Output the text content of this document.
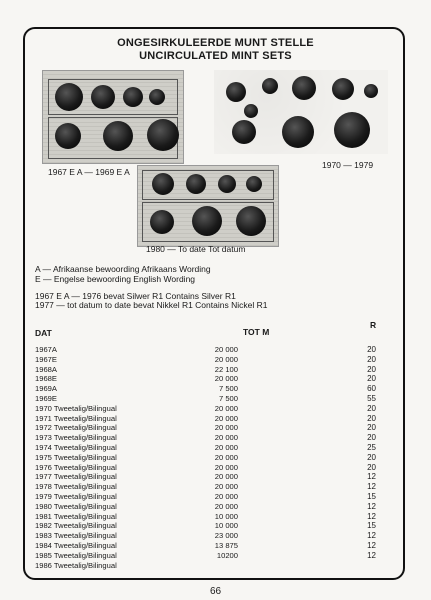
ONGESIRKULEERDE MUNT STELLE
UNCIRCULATED MINT SETS
1967 E A — 1969 E A
1970 — 1979
1980 — To date Tot datum
A — Afrikaanse bewoording Afrikaans Wording
E — Engelse bewoording English Wording
1967 E A — 1976 bevat Silwer R1 Contains Silver R1
1977 — tot datum to date bevat Nikkel R1 Contains Nickel R1
DAT	TOT M
R
1967A	20 000	20
1967E	20 000	20
1968A	22 100	20
1968E	20 000	20
1969A	7 500	60
1969E	7 500	55
1970 Tweetalig/Bilingual	20 000	20
1971 Tweetalig/Bilingual	20 000	20
1972 Tweetalig/Bilingual	20 000	20
1973 Tweetalig/Bilingual	20 000	20
1974 Tweetalig/Bilingual	20 000	25
1975 Tweetalig/Bilingual	20 000	20
1976 Tweetalig/Bilingual	20 000	20
1977 Tweetalig/Bilingual	20 000	12
1978 Tweetalig/Bilingual	20 000	12
1979 Tweetalig/Bilingual	20 000	15
1980 Tweetalig/Bilingual	20 000	12
1981 Tweetalig/Bilingual	10 000	12
1982 Tweetalig/Bilingual	10 000	15
1983 Tweetalig/Bilingual	23 000	12
1984 Tweetalig/Bilingual	13 875	12
1985 Tweetalig/Bilingual	10200	12
1986 Tweetalig/Bilingual
66
